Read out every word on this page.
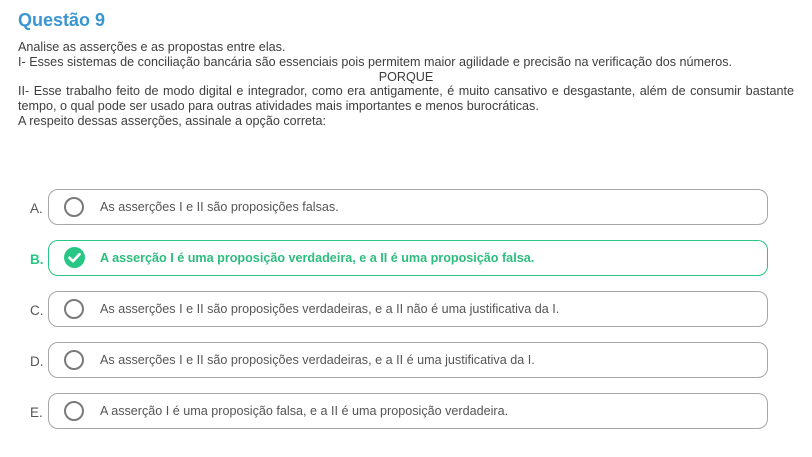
Questão 9

Analise as asserções e as propostas entre elas.

I- Esses sistemas de conciliação bancária são essenciais pois permitem maior agilidade e precisão na verificação dos números.

PORQUE

II- Esse trabalho feito de modo digital e integrador, como era antigamente, é muito cansativo e desgastante, além de consumir bastante tempo, o qual pode ser usado para outras atividades mais importantes e menos burocráticas.

A respeito dessas asserções, assinale a opção correta:

A.	As asserções I e II são proposições falsas.
B.	A asserção I é uma proposição verdadeira, e a II é uma proposição falsa.
C.	As asserções I e II são proposições verdadeiras, e a II não é uma justificativa da I.
D.	As asserções I e II são proposições verdadeiras, e a II é uma justificativa da I.
E.	A asserção I é uma proposição falsa, e a II é uma proposição verdadeira.
